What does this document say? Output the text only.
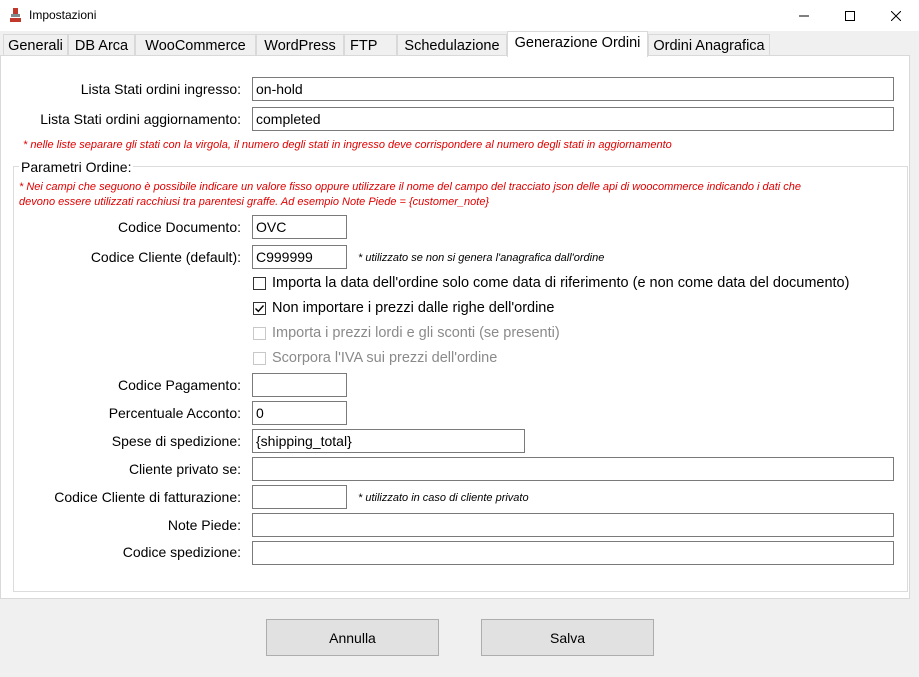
Impostazioni
Generali DB Arca	WooCommerce	WordPress FTP	Schedulazione	Generazione Ordini Ordini Anagrafica
Lista Stati ordini ingresso: on-hold
Lista Stati ordini aggiornamento: completed
* nelle liste separare gli stati con la virgola, il numero degli stati in ingresso deve corrispondere al numero degli stati in aggiornamento
Parametri Ordine:
* Nei campi che seguono è possibile indicare un valore fisso oppure utilizzare il nome del campo del tracciato json delle api di woocommerce indicando i dati che
devono essere utilizzati racchiusi tra parentesi graffe. Ad esempio Note Piede = {customer_note}
Codice Documento: OVC
Codice Cliente (default): C999999	* utilizzato se non si genera l'anagrafica dall'ordine
Importa la data dell'ordine solo come data di riferimento (e non come data del documento)
Non importare i prezzi dalle righe dell'ordine
Importa i prezzi lordi e gli sconti (se presenti)
Scorpora l'IVA sui prezzi dell'ordine
Codice Pagamento:
Percentuale Acconto: 0
Spese di spedizione: {shipping_total}
Cliente privato se:
Codice Cliente di fatturazione:	* utilizzato in caso di cliente privato
Note Piede:
Codice spedizione:
Annulla	Salva
